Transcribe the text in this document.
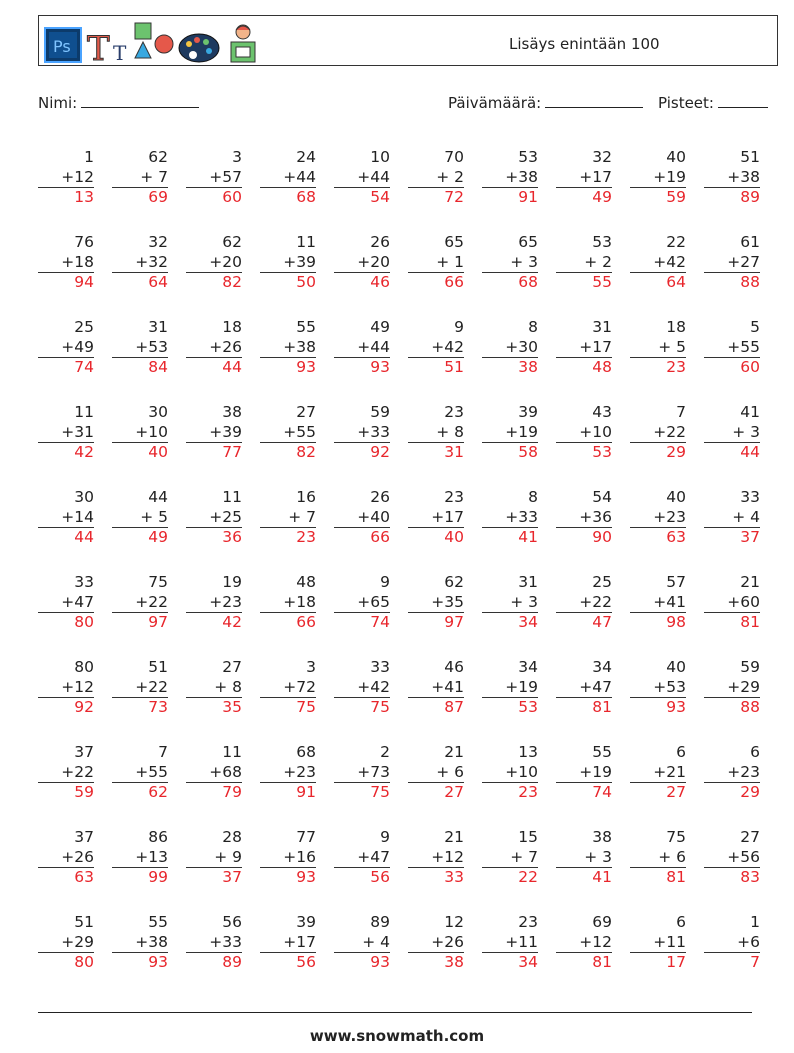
Ps T T	Lisäys enintään 100
Nimi:	Päivämäärä:	Pisteet:
1
+12
13
62
+ 7
69
3
+57
60
24
+44
68
10
+44
54
70
+ 2
72
53
+38
91
32
+17
49
40
+19
59
51
+38
89
76
+18
94
32
+32
64
62
+20
82
11
+39
50
26
+20
46
65
+ 1
66
65
+ 3
68
53
+ 2
55
22
+42
64
61
+27
88
25
+49
74
31
+53
84
18
+26
44
55
+38
93
49
+44
93
9
+42
51
8
+30
38
31
+17
48
18
+ 5
23
5
+55
60
11
+31
42
30
+10
40
38
+39
77
27
+55
82
59
+33
92
23
+ 8
31
39
+19
58
43
+10
53
7
+22
29
41
+ 3
44
30
+14
44
44
+ 5
49
11
+25
36
16
+ 7
23
26
+40
66
23
+17
40
8
+33
41
54
+36
90
40
+23
63
33
+ 4
37
33
+47
80
75
+22
97
19
+23
42
48
+18
66
9
+65
74
62
+35
97
31
+ 3
34
25
+22
47
57
+41
98
21
+60
81
80
+12
92
51
+22
73
27
+ 8
35
3
+72
75
33
+42
75
46
+41
87
34
+19
53
34
+47
81
40
+53
93
59
+29
88
37
+22
59
7
+55
62
11
+68
79
68
+23
91
2
+73
75
21
+ 6
27
13
+10
23
55
+19
74
6
+21
27
6
+23
29
37
+26
63
86
+13
99
28
+ 9
37
77
+16
93
9
+47
56
21
+12
33
15
+ 7
22
38
+ 3
41
75
+ 6
81
27
+56
83
51
+29
80
55
+38
93
56
+33
89
39
+17
56
89
+ 4
93
12
+26
38
23
+11
34
69
+12
81
6
+11
17
1
+6
7
www.snowmath.com
